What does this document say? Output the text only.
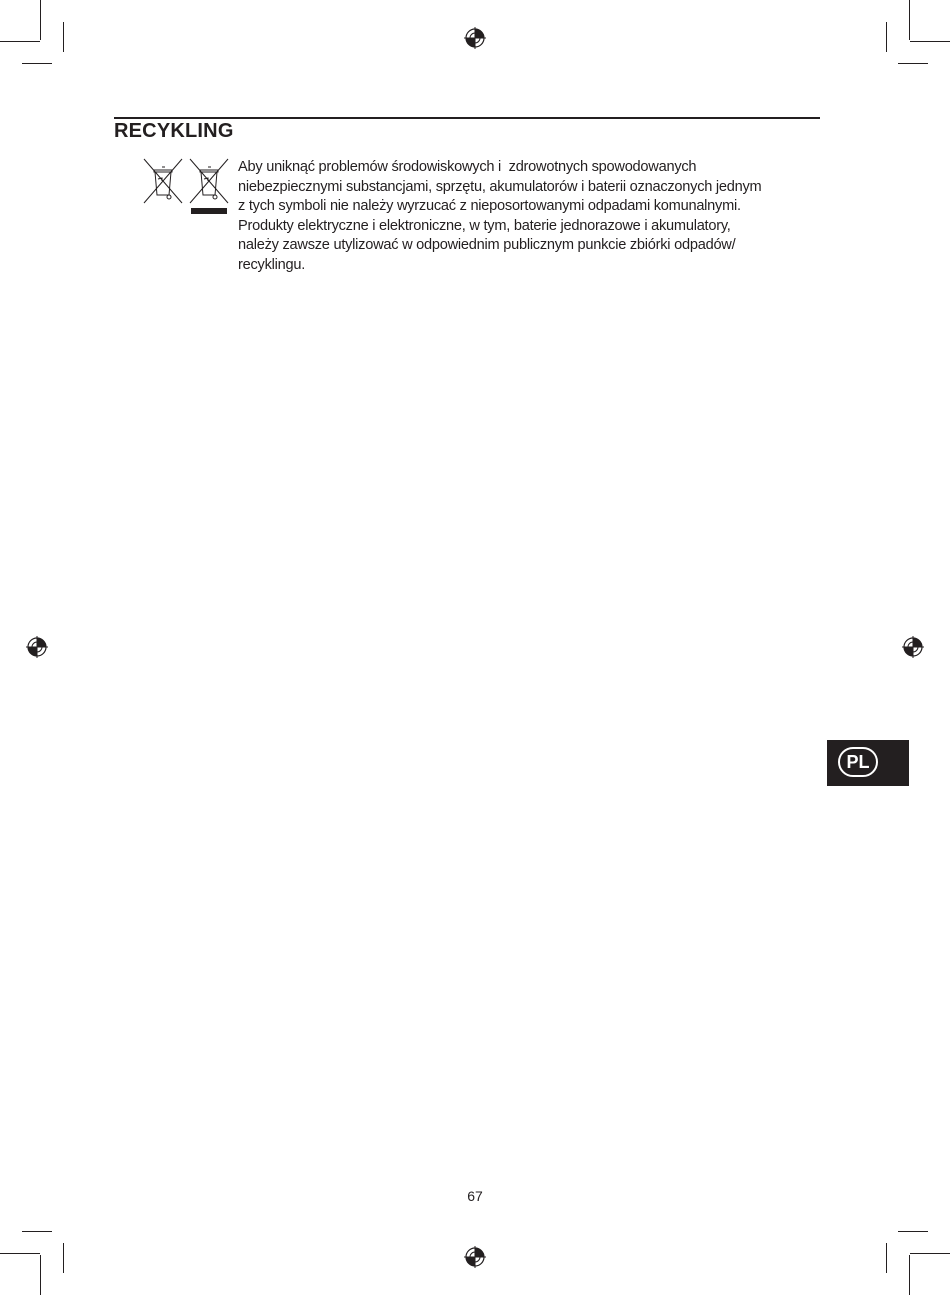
RECYKLING
Aby uniknąć problemów środowiskowych i  zdrowotnych spowodowanych
niebezpiecznymi substancjami, sprzętu, akumulatorów i baterii oznaczonych jednym
z tych symboli nie należy wyrzucać z nieposortowanymi odpadami komunalnymi.
Produkty elektryczne i elektroniczne, w tym, baterie jednorazowe i akumulatory,
należy zawsze utylizować w odpowiednim publicznym punkcie zbiórki odpadów/
recyklingu.
PL
67
